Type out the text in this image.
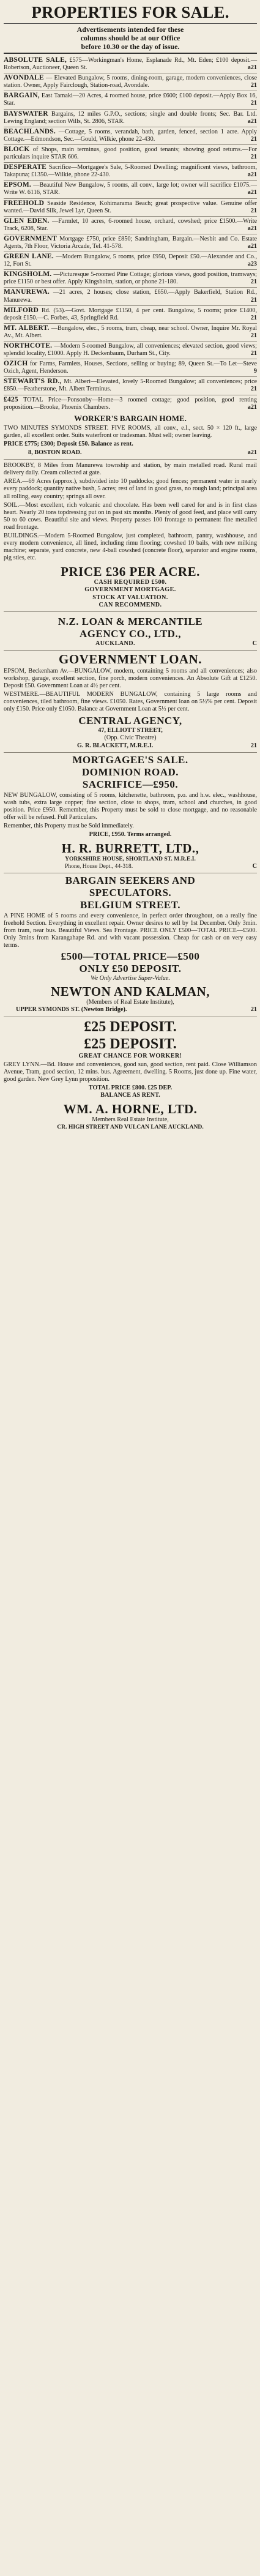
PROPERTIES FOR SALE.

Advertisements intended for these

columns should be at our Office

before 10.30 or the day of issue.

ABSOLUTE SALE, £575—Workingman's Home, Esplanade Rd., Mt. Eden; £100 deposit.—Robertson, Auctioneer, Queen St.	a21
AVONDALE — Elevated Bungalow, 5 rooms, dining-room, garage, modern conveniences, close station. Owner, Apply Fairclough, Station-road, Avondale.	21
BARGAIN, East Tamaki—20 Acres, 4 roomed house, price £600; £100 deposit.—Apply Box 16, Star.	21
BAYSWATER Bargains, 12 miles G.P.O., sections; single and double fronts; Sec. Bar. Ltd. Lewing England; section Wills, St. 2806, STAR.	a21
BEACHLANDS. —Cottage, 5 rooms, verandah, bath, garden, fenced, section 1 acre. Apply Cottage.—Edmondson, Sec.—Gould, Wilkie, phone 22-430.	21
BLOCK of Shops, main terminus, good position, good tenants; showing good returns.—For particulars inquire STAR 606.	21
DESPERATE Sacrifice—Mortgagee's Sale, 5-Roomed Dwelling; magnificent views, bathroom, Takapuna; £1350.—Wilkie, phone 22-430.	a21
EPSOM. —Beautiful New Bungalow, 5 rooms, all conv., large lot; owner will sacrifice £1075.—Write W. 6116, STAR.	a21
FREEHOLD Seaside Residence, Kohimarama Beach; great prospective value. Genuine offer wanted.—David Silk, Jewel Lyr, Queen St.	21
GLEN EDEN. —Farmlet, 10 acres, 6-roomed house, orchard, cowshed; price £1500.—Write Track, 6208, Star.	a21
GOVERNMENT Mortgage £750, price £850; Sandringham, Bargain.—Nesbit and Co. Estate Agents, 7th Floor, Victoria Arcade, Tel. 41-578.	a21
GREEN LANE. —Modern Bungalow, 5 rooms, price £950, Deposit £50.—Alexander and Co., 12, Fort St.	a23
KINGSHOLM. —Picturesque 5-roomed Pine Cottage; glorious views, good position, tramways; price £1150 or best offer. Apply Kingsholm, station, or phone 21-180.	21
MANUREWA. —21 acres, 2 houses; close station, £650.—Apply Bakerfield, Station Rd., Manurewa.	21
MILFORD Rd. (53).—Govt. Mortgage £1150, 4 per cent. Bungalow, 5 rooms; price £1400, deposit £150.—C. Forbes, 43, Springfield Rd.	21
MT. ALBERT. —Bungalow, elec., 5 rooms, tram, cheap, near school. Owner, Inquire Mr. Royal Av., Mt. Albert.	21
NORTHCOTE. —Modern 5-roomed Bungalow, all conveniences; elevated section, good views; splendid locality, £1000. Apply H. Deckenbaum, Durham St., City.	21
OZICH for Farms, Farmlets, Houses, Sections, selling or buying; 89, Queen St.—To Let—Steve Ozich, Agent, Henderson.	9
STEWART'S RD., Mt. Albert—Elevated, lovely 5-Roomed Bungalow; all conveniences; price £850.—Featherstone, Mt. Albert Terminus.	21
£425 TOTAL Price—Ponsonby—Home—3 roomed cottage; good position, good renting proposition.—Brooke, Phoenix Chambers.	a21
WORKER'S BARGAIN HOME.
TWO MINUTES SYMONDS STREET. FIVE ROOMS, all conv., e.l., sect. 50 × 120 ft., large garden, all excellent order. Suits waterfront or tradesman. Must sell; owner leaving.
PRICE £775; £300; Deposit £50. Balance as rent.
8, BOSTON ROAD.	a21
BROOKBY, 8 Miles from Manurewa township and station, by main metalled road. Rural mail delivery daily. Cream collected at gate.
AREA.—69 Acres (approx.), subdivided into 10 paddocks; good fences; permanent water in nearly every paddock; quantity native bush, 5 acres; rest of land in good grass, no rough land; principal area all rolling, easy country; springs all over.
SOIL.—Most excellent, rich volcanic and chocolate. Has been well cared for and is in first class heart. Nearly 20 tons topdressing put on in past six months. Plenty of good feed, and place will carry 50 to 60 cows. Beautiful site and views. Property passes 100 frontage to permanent fine metalled road frontage.
BUILDINGS.—Modern 5-Roomed Bungalow, just completed, bathroom, pantry, washhouse, and every modern convenience, all lined, including rimu flooring; cowshed 10 bails, with new milking machine; separate, yard concrete, new 4-ball cowshed (concrete floor), separator and engine rooms, pig sties, etc.
PRICE £36 PER ACRE.
CASH REQUIRED £500.
GOVERNMENT MORTGAGE.
STOCK AT VALUATION.
CAN RECOMMEND.
N.Z. LOAN & MERCANTILE
AGENCY CO., LTD.,
AUCKLAND.	C
GOVERNMENT LOAN.
EPSOM, Beckenham Av.—BUNGALOW, modern, containing 5 rooms and all conveniences; also workshop, garage, excellent section, fine porch, modern conveniences. An Absolute Gift at £1250. Deposit £50. Government Loan at 4½ per cent.
WESTMERE.—BEAUTIFUL MODERN BUNGALOW, containing 5 large rooms and conveniences, tiled bathroom, fine views. £1050. Rates, Government loan on 5½% per cent. Deposit only £150. Price only £1050. Balance at Government Loan at 5½ per cent.
CENTRAL AGENCY,
47, ELLIOTT STREET,
(Opp. Civic Theatre)
G. R. BLACKETT, M.R.E.I.	21
MORTGAGEE'S SALE.
DOMINION ROAD.
SACRIFICE—£950.
NEW BUNGALOW, consisting of 5 rooms, kitchenette, bathroom, p.o. and h.w. elec., washhouse, wash tubs, extra large copper; fine section, close to shops, tram, school and churches, in good position. Price £950. Remember, this Property must be sold to close mortgage, and no reasonable offer will be refused. Full Particulars.
Remember, this Property must be Sold immediately.
PRICE, £950. Terms arranged.
H. R. BURRETT, LTD.,
YORKSHIRE HOUSE, SHORTLAND ST. M.R.E.I.
Phone, House Dept., 44-318.	C
BARGAIN SEEKERS AND
SPECULATORS.
BELGIUM STREET.
A PINE HOME of 5 rooms and every convenience, in perfect order throughout, on a really fine freehold Section. Everything in excellent repair. Owner desires to sell by 1st December. Only 3min. from tram, near bus. Beautiful Views. Sea Frontage. PRICE ONLY £500—TOTAL PRICE—£500. Only 3mins from Karangahape Rd. and with vacant possession. Cheap for cash or on very easy terms.
£500—TOTAL PRICE—£500
ONLY £50 DEPOSIT.
We Only Advertise Super-Value.
NEWTON AND KALMAN,
(Members of Real Estate Institute),
UPPER SYMONDS ST. (Newton Bridge).	21
£25 DEPOSIT.
£25 DEPOSIT.
GREAT CHANCE FOR WORKER!
GREY LYNN.—Bd. House and conveniences, good sun, good section, rent paid. Close Williamson Avenue, Tram, good section, 12 mins. bus. Agreement, dwelling. 5 Rooms, just done up. Fine water, good garden. New Grey Lynn proposition.
TOTAL PRICE £800. £25 DEP.
BALANCE AS RENT.
WM. A. HORNE, LTD.
Members Real Estate Institute,
CR. HIGH STREET AND VULCAN LANE AUCKLAND.
